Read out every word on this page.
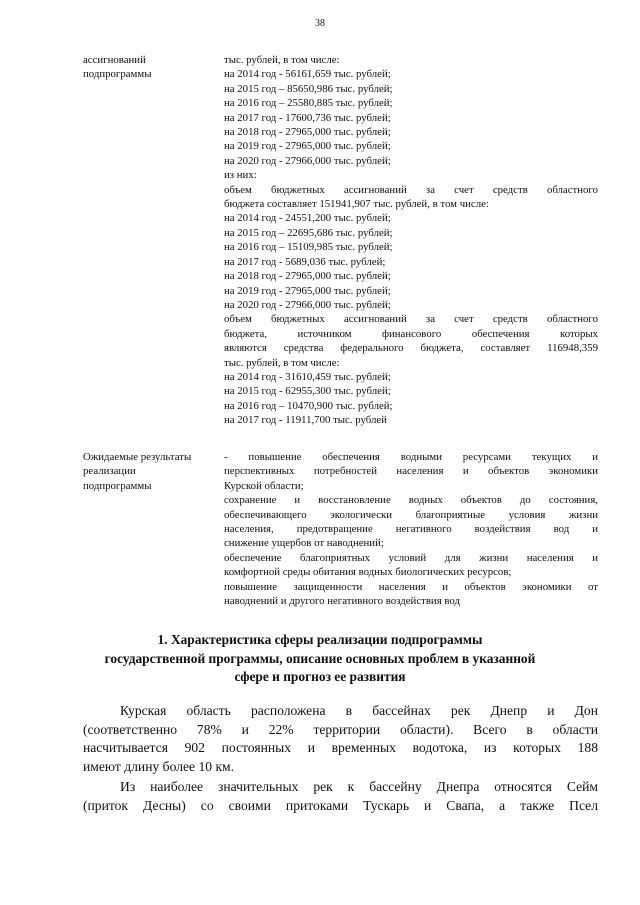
38
ассигнований
подпрограммы
тыс. рублей, в том числе:
на 2014 год - 56161,659 тыс. рублей;
на 2015 год – 85650,986 тыс. рублей;
на 2016 год – 25580,885 тыс. рублей;
на 2017 год - 17600,736 тыс. рублей;
на 2018 год - 27965,000 тыс. рублей;
на 2019 год - 27965,000 тыс. рублей;
на 2020 год - 27966,000 тыс. рублей;
из них:
объем бюджетных ассигнований за счет средств областного
бюджета составляет 151941,907 тыс. рублей, в том числе:
на 2014 год - 24551,200 тыс. рублей;
на 2015 год – 22695,686 тыс. рублей;
на 2016 год – 15109,985 тыс. рублей;
на 2017 год - 5689,036 тыс. рублей;
на 2018 год - 27965,000 тыс. рублей;
на 2019 год - 27965,000 тыс. рублей;
на 2020 год - 27966,000 тыс. рублей;
объем бюджетных ассигнований за счет средств областного
бюджета, источником финансового обеспечения которых
являются средства федерального бюджета, составляет 116948,359
тыс. рублей, в том числе:
на 2014 год - 31610,459 тыс. рублей;
на 2015 год - 62955,300 тыс. рублей;
на 2016 год – 10470,900 тыс. рублей;
на 2017 год - 11911,700 тыс. рублей
Ожидаемые результаты
реализации
подпрограммы
- повышение обеспечения водными ресурсами текущих и
перспективных потребностей населения и объектов экономики
Курской области;
сохранение и восстановление водных объектов до состояния,
обеспечивающего экологически благоприятные условия жизни
населения, предотвращение негативного воздействия вод и
снижение ущербов от наводнений;
обеспечение благоприятных условий для жизни населения и
комфортной среды обитания водных биологических ресурсов;
повышение защищенности населения и объектов экономики от
наводнений и другого негативного воздействия вод
1. Характеристика сферы реализации подпрограммы
государственной программы, описание основных проблем в указанной
сфере и прогноз ее развития
Курская область расположена в бассейнах рек Днепр и Дон
(соответственно 78% и 22% территории области). Всего в области
насчитывается 902 постоянных и временных водотока, из которых 188
имеют длину более 10 км.
Из наиболее значительных рек к бассейну Днепра относятся Сейм
(приток Десны) со своими притоками Тускарь и Свапа, а также Псел
